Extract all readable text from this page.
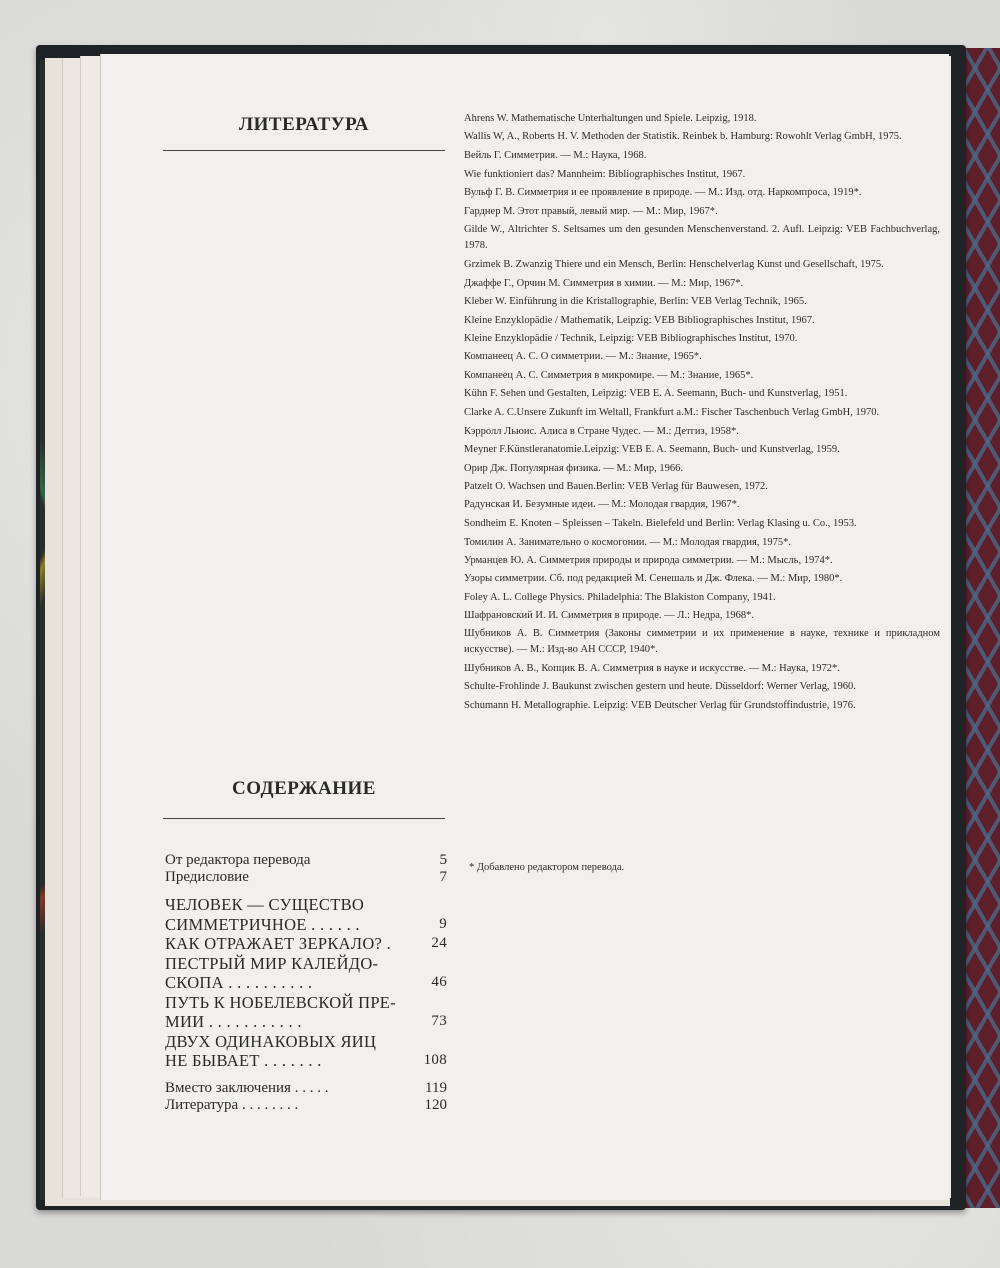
ЛИТЕРАТУРА
СОДЕРЖАНИЕ
От редактора перевода	5
Предисловие	7
ЧЕЛОВЕК — СУЩЕСТВО
СИММЕТРИЧНОЕ . . . . . .	9
КАК ОТРАЖАЕТ ЗЕРКАЛО? .	24
ПЕСТРЫЙ МИР КАЛЕЙДО-
СКОПА . . . . . . . . . .	46
ПУТЬ К НОБЕЛЕВСКОЙ ПРЕ-
МИИ . . . . . . . . . . .	73
ДВУХ ОДИНАКОВЫХ ЯИЦ
НЕ БЫВАЕТ . . . . . . .	108
Вместо заключения . . . . .	119
Литература . . . . . . . .	120
Ahrens W. Mathematische Unterhaltungen und Spiele. Leipzig, 1918.
Wallis W, A., Roberts H. V. Methoden der Statistik. Reinbek b. Hamburg: Rowohlt Verlag GmbH, 1975.
Вейль Г. Симметрия. — М.: Наука, 1968.
Wie funktioniert das? Mannheim: Bibliographisches Institut, 1967.
Вульф Г. В. Симметрия и ее проявление в природе. — М.: Изд. отд. Наркомпроса, 1919*.
Гарднер М. Этот правый, левый мир. — М.: Мир, 1967*.
Gilde W., Altrichter S. Seltsames um den gesunden Menschenverstand. 2. Aufl. Leipzig: VEB Fachbuchverlag, 1978.
Grzimek B. Zwanzig Thiere und ein Mensch, Berlin: Henschelverlag Kunst und Gesellschaft, 1975.
Джаффе Г., Орчин М. Симметрия в химии. — М.: Мир, 1967*.
Kleber W. Einführung in die Kristallographie, Berlin: VEB Verlag Technik, 1965.
Kleine Enzyklopädie / Mathematik, Leipzig: VEB Bibliographisches Institut, 1967.
Kleine Enzyklopädie / Technik, Leipzig: VEB Bibliographisches Institut, 1970.
Компанеец А. С. О симметрии. — М.: Знание, 1965*.
Компанеец А. С. Симметрия в микромире. — М.: Знание, 1965*.
Kühn F. Sehen und Gestalten, Leipzig: VEB E. A. Seemann, Buch- und Kunstverlag, 1951.
Clarke A. C.Unsere Zukunft im Weltall, Frankfurt a.M.: Fischer Taschenbuch Verlag GmbH, 1970.
Кэрролл Льюис. Алиса в Стране Чудес. — М.: Детгиз, 1958*.
Meyner F.Künstleranatomie.Leipzig: VEB E. A. Seemann, Buch- und Kunstverlag, 1959.
Орир Дж. Популярная физика. — М.: Мир, 1966.
Patzelt O. Wachsen und Bauen.Berlin: VEB Verlag für Bauwesen, 1972.
Радунская И. Безумные идеи. — М.: Молодая гвардия, 1967*.
Sondheim E. Knoten – Spleissen – Takeln. Bielefeld und Berlin: Verlag Klasing u. Co., 1953.
Томилин А. Занимательно о космогонии. — М.: Молодая гвардия, 1975*.
Урманцев Ю. А. Симметрия природы и природа симметрии. — М.: Мысль, 1974*.
Узоры симметрии. Сб. под редакцией М. Сенешаль и Дж. Флека. — М.: Мир, 1980*.
Foley A. L. College Physics. Philadelphia: The Blakiston Company, 1941.
Шафрановский И. И. Симметрия в природе. — Л.: Недра, 1968*.
Шубников А. В. Симметрия (Законы симметрии и их применение в науке, технике и прикладном искусстве). — М.: Изд-во АН СССР, 1940*.
Шубников А. В., Копцик В. А. Симметрия в науке и искусстве. — М.: Наука, 1972*.
Schulte-Frohlinde J. Baukunst zwischen gestern und heute. Düsseldorf: Werner Verlag, 1960.
Schumann H. Metallographie. Leipzig: VEB Deutscher Verlag für Grundstoffindustrie, 1976.
* Добавлено редактором перевода.
